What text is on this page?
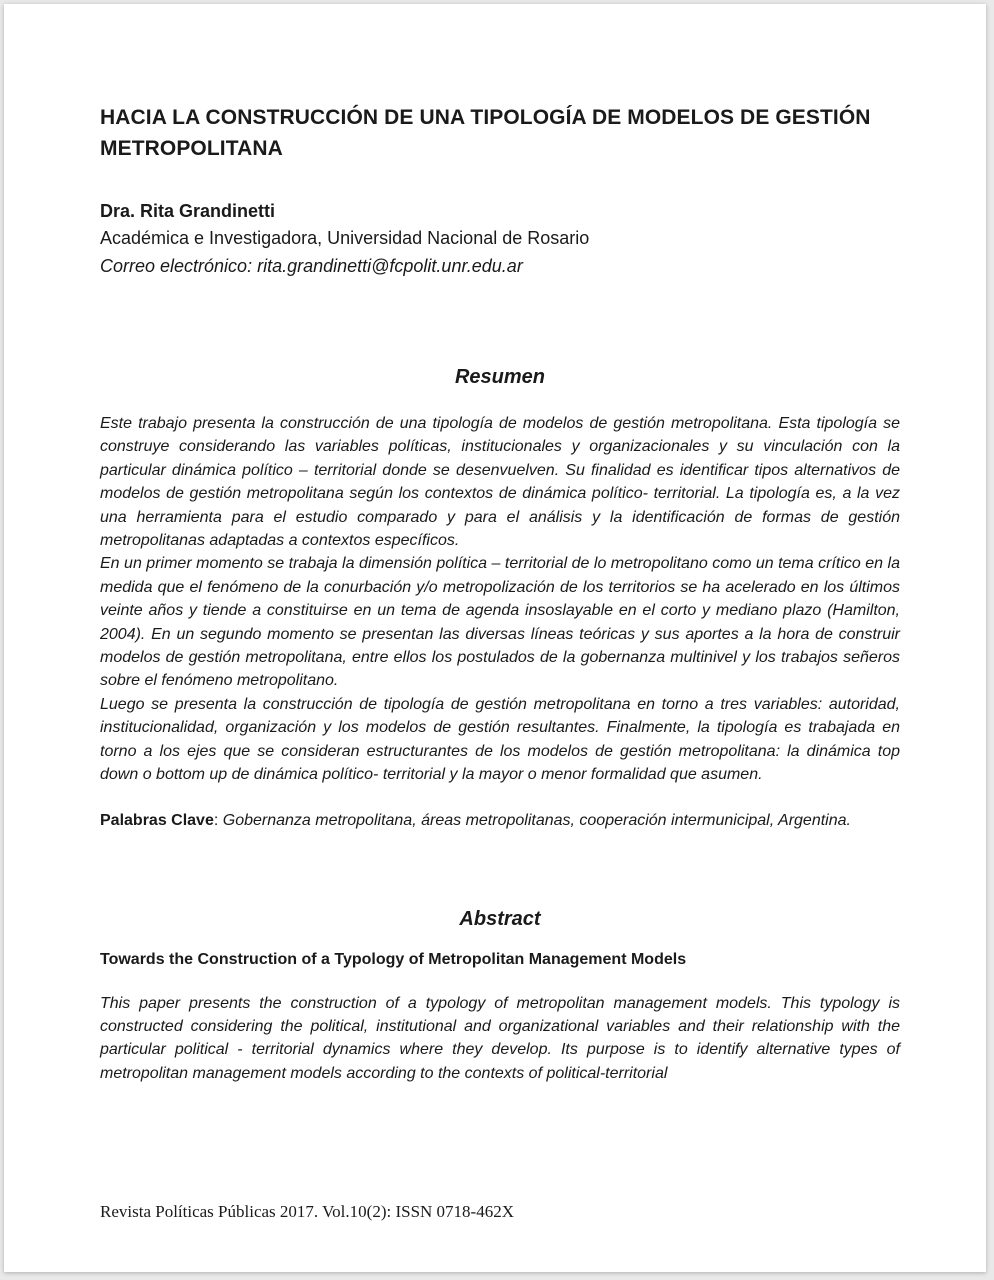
HACIA LA CONSTRUCCIÓN DE UNA TIPOLOGÍA DE MODELOS DE GESTIÓN METROPOLITANA
Dra. Rita Grandinetti
Académica e Investigadora, Universidad Nacional de Rosario
Correo electrónico: rita.grandinetti@fcpolit.unr.edu.ar
Resumen

Este trabajo presenta la construcción de una tipología de modelos de gestión metropolitana. Esta tipología se construye considerando las variables políticas, institucionales y organizacionales y su vinculación con la particular dinámica político – territorial donde se desenvuelven. Su finalidad es identificar tipos alternativos de modelos de gestión metropolitana según los contextos de dinámica político- territorial. La tipología es, a la vez una herramienta para el estudio comparado y para el análisis y la identificación de formas de gestión metropolitanas adaptadas a contextos específicos.

En un primer momento se trabaja la dimensión política – territorial de lo metropolitano como un tema crítico en la medida que el fenómeno de la conurbación y/o metropolización de los territorios se ha acelerado en los últimos veinte años y tiende a constituirse en un tema de agenda insoslayable en el corto y mediano plazo (Hamilton, 2004). En un segundo momento se presentan las diversas líneas teóricas y sus aportes a la hora de construir modelos de gestión metropolitana, entre ellos los postulados de la gobernanza multinivel y los trabajos señeros sobre el fenómeno metropolitano.

Luego se presenta la construcción de tipología de gestión metropolitana en torno a tres variables: autoridad, institucionalidad, organización y los modelos de gestión resultantes. Finalmente, la tipología es trabajada en torno a los ejes que se consideran estructurantes de los modelos de gestión metropolitana: la dinámica top down o bottom up de dinámica político- territorial y la mayor o menor formalidad que asumen.

Palabras Clave: Gobernanza metropolitana, áreas metropolitanas, cooperación intermunicipal, Argentina.
Abstract
Towards the Construction of a Typology of Metropolitan Management Models

This paper presents the construction of a typology of metropolitan management models. This typology is constructed considering the political, institutional and organizational variables and their relationship with the particular political - territorial dynamics where they develop. Its purpose is to identify alternative types of metropolitan management models according to the contexts of political-territorial

Revista Políticas Públicas 2017. Vol.10(2): ISSN 0718-462X
